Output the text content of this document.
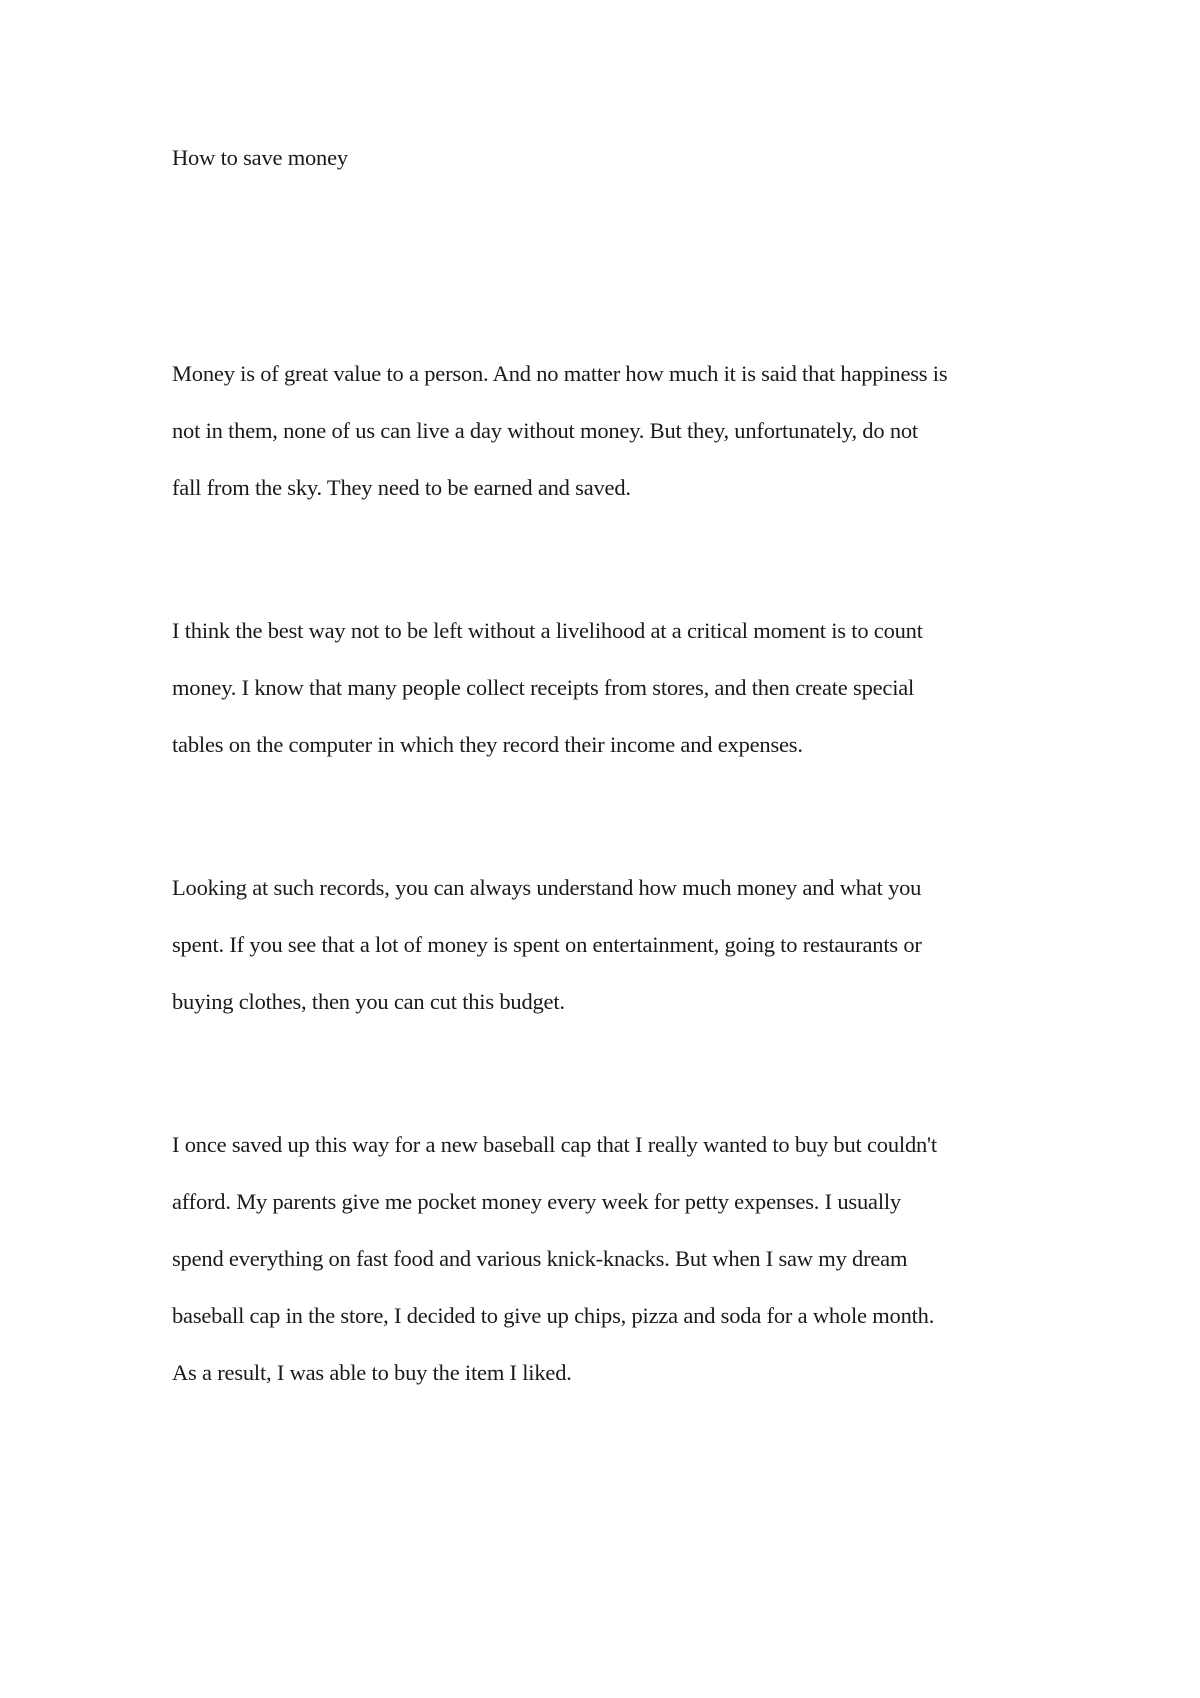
How to save money

Money is of great value to a person. And no matter how much it is said that happiness is
not in them, none of us can live a day without money. But they, unfortunately, do not
fall from the sky. They need to be earned and saved.

I think the best way not to be left without a livelihood at a critical moment is to count
money. I know that many people collect receipts from stores, and then create special
tables on the computer in which they record their income and expenses.

Looking at such records, you can always understand how much money and what you
spent. If you see that a lot of money is spent on entertainment, going to restaurants or
buying clothes, then you can cut this budget.

I once saved up this way for a new baseball cap that I really wanted to buy but couldn't
afford. My parents give me pocket money every week for petty expenses. I usually
spend everything on fast food and various knick-knacks. But when I saw my dream
baseball cap in the store, I decided to give up chips, pizza and soda for a whole month.
As a result, I was able to buy the item I liked.
